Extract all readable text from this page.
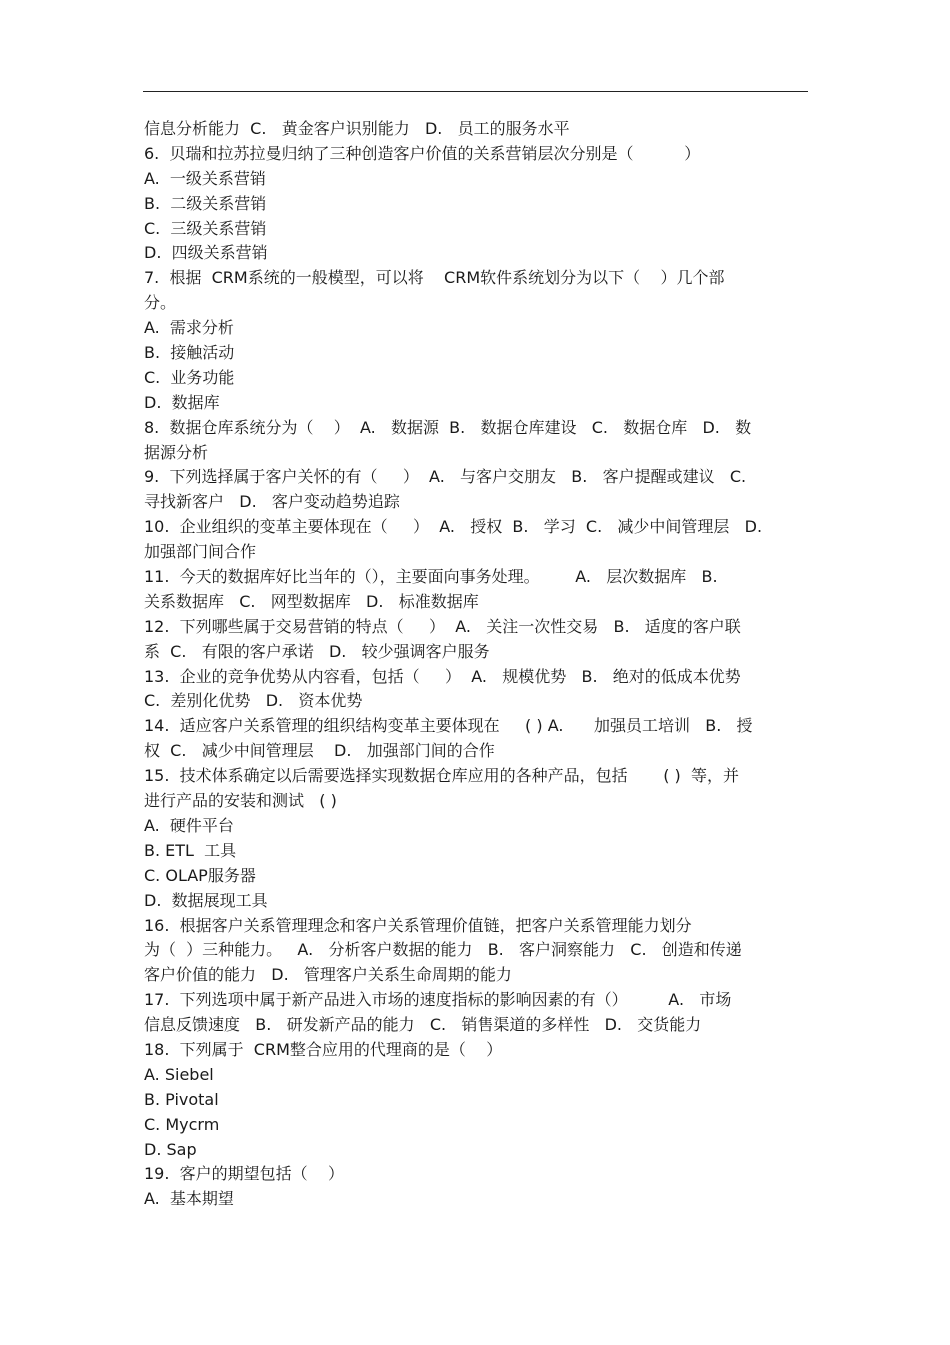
信息分析能力  C.   黄金客户识别能力   D.   员工的服务水平
6.  贝瑞和拉苏拉曼归纳了三种创造客户价值的关系营销层次分别是（          ）
A.  一级关系营销
B.  二级关系营销
C.  三级关系营销
D.  四级关系营销
7.  根据  CRM系统的一般模型，可以将    CRM软件系统划分为以下（    ）几个部
分。
A.  需求分析
B.  接触活动
C.  业务功能
D.  数据库
8.  数据仓库系统分为（    ）  A.   数据源  B.   数据仓库建设   C.   数据仓库   D.   数
据源分析
9.  下列选择属于客户关怀的有（     ）  A.   与客户交朋友   B.   客户提醒或建议   C.
寻找新客户   D.   客户变动趋势追踪
10.  企业组织的变革主要体现在（     ）  A.   授权  B.   学习  C.   减少中间管理层   D.
加强部门间合作
11.  今天的数据库好比当年的（），主要面向事务处理。       A.   层次数据库   B.
关系数据库   C.   网型数据库   D.   标准数据库
12.  下列哪些属于交易营销的特点（     ）  A.   关注一次性交易   B.   适度的客户联
系  C.   有限的客户承诺   D.   较少强调客户服务
13.  企业的竞争优势从内容看，包括（     ）  A.   规模优势   B.   绝对的低成本优势
C.  差别化优势   D.   资本优势
14.  适应客户关系管理的组织结构变革主要体现在     ( ) A.      加强员工培训   B.   授
权  C.   减少中间管理层    D.   加强部门间的合作
15.  技术体系确定以后需要选择实现数据仓库应用的各种产品，包括       ( )  等，并
进行产品的安装和测试   ( )
A.  硬件平台
B. ETL  工具
C. OLAP服务器
D.  数据展现工具
16.  根据客户关系管理理念和客户关系管理价值链，把客户关系管理能力划分
为（  ）三种能力。   A.   分析客户数据的能力   B.   客户洞察能力   C.   创造和传递
客户价值的能力   D.   管理客户关系生命周期的能力
17.  下列选项中属于新产品进入市场的速度指标的影响因素的有（）        A.   市场
信息反馈速度   B.   研发新产品的能力   C.   销售渠道的多样性   D.   交货能力
18.  下列属于  CRM整合应用的代理商的是（    ）
A. Siebel
B. Pivotal
C. Mycrm
D. Sap
19.  客户的期望包括（    ）
A.  基本期望
